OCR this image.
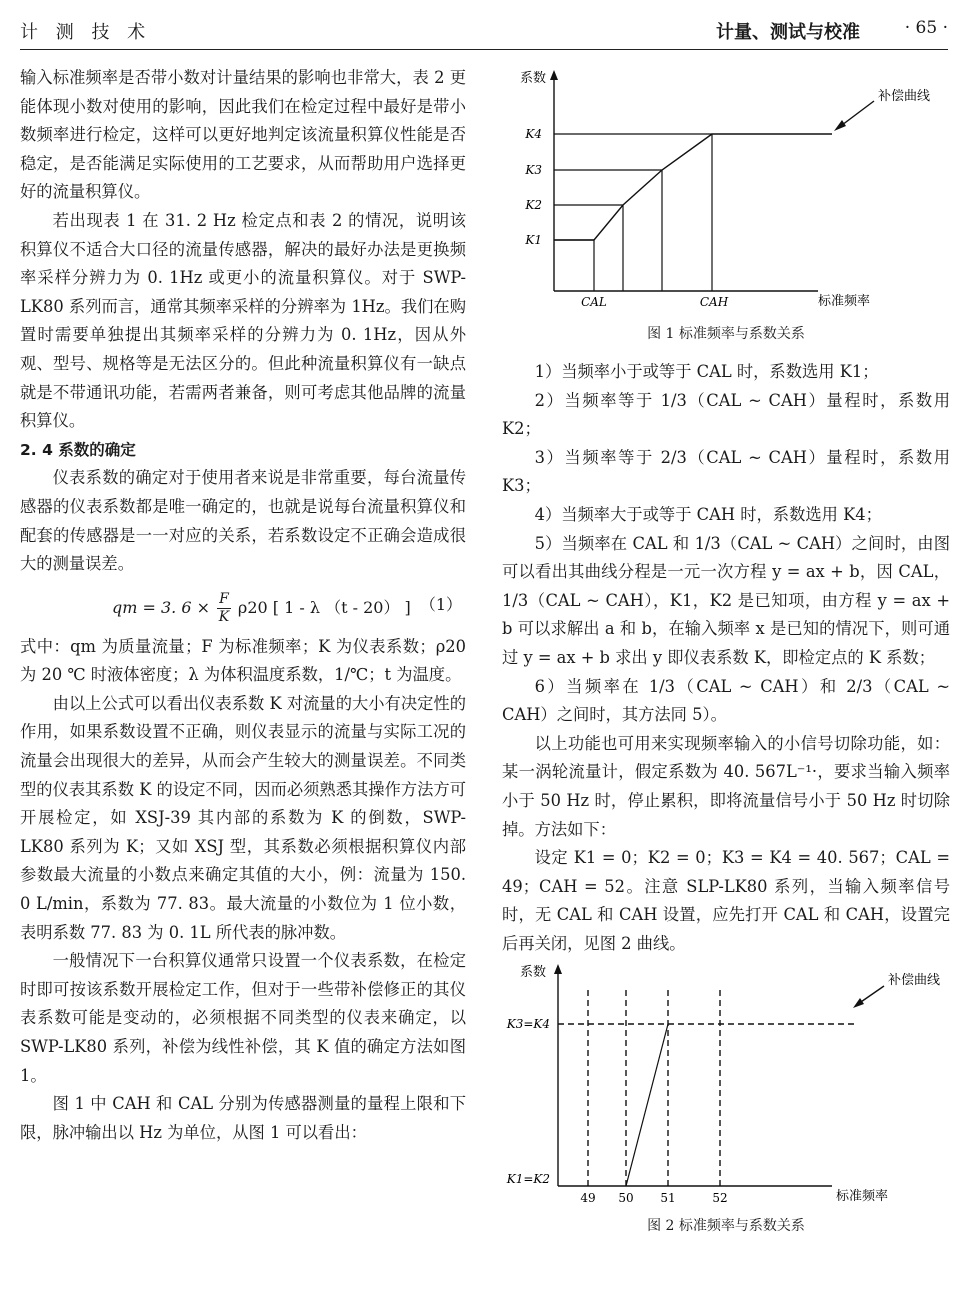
计 测 技 术	计量、测试与校准	· 65 ·

输入标准频率是否带小数对计量结果的影响也非常大，表 2 更能体现小数对使用的影响，因此我们在检定过程中最好是带小数频率进行检定，这样可以更好地判定该流量积算仪性能是否稳定，是否能满足实际使用的工艺要求，从而帮助用户选择更好的流量积算仪。

若出现表 1 在 31. 2 Hz 检定点和表 2 的情况，说明该积算仪不适合大口径的流量传感器，解决的最好办法是更换频率采样分辨力为 0. 1Hz 或更小的流量积算仪。对于 SWP-LK80 系列而言，通常其频率采样的分辨率为 1Hz。我们在购置时需要单独提出其频率采样的分辨力为 0. 1Hz，因从外观、型号、规格等是无法区分的。但此种流量积算仪有一缺点就是不带通讯功能，若需两者兼备，则可考虑其他品牌的流量积算仪。

2. 4 系数的确定

仪表系数的确定对于使用者来说是非常重要，每台流量传感器的仪表系数都是唯一确定的，也就是说每台流量积算仪和配套的传感器是一一对应的关系，若系数设定不正确会造成很大的测量误差。

qm = 3. $6 \times \frac{F}{K} \rho 20$ [ 1 - λ （t - 20） ] （1）

式中：qm 为质量流量；F 为标准频率；K 为仪表系数；ρ20 为 20 ℃ 时液体密度；λ 为体积温度系数，1/℃；t 为温度。

由以上公式可以看出仪表系数 K 对流量的大小有决定性的作用，如果系数设置不正确，则仪表显示的流量与实际工况的流量会出现很大的差异，从而会产生较大的测量误差。不同类型的仪表其系数 K 的设定不同，因而必须熟悉其操作方法方可开展检定，如 XSJ-39 其内部的系数为 K 的倒数，SWP-LK80 系列为 K；又如 XSJ 型，其系数必须根据积算仪内部参数最大流量的小数点来确定其值的大小，例：流量为 150. 0 L/min，系数为 77. 83。最大流量的小数位为 1 位小数，表明系数 77. 83 为 0. 1L 所代表的脉冲数。

一般情况下一台积算仪通常只设置一个仪表系数，在检定时即可按该系数开展检定工作，但对于一些带补偿修正的其仪表系数可能是变动的，必须根据不同类型的仪表来确定，以 SWP-LK80 系列，补偿为线性补偿，其 K 值的确定方法如图 1。

图 1 中 CAH 和 CAL 分别为传感器测量的量程上限和下限，脉冲输出以 Hz 为单位，从图 1 可以看出：

系数
标准频率
补偿曲线
K4
K3
K2
K1
CAL	CAH
图 1 标准频率与系数关系

1）当频率小于或等于 CAL 时，系数选用 K1；

2）当频率等于 1/3（CAL ~ CAH）量程时，系数用 K2；

3）当频率等于 2/3（CAL ~ CAH）量程时，系数用 K3；

4）当频率大于或等于 CAH 时，系数选用 K4；

5）当频率在 CAL 和 1/3（CAL ~ CAH）之间时，由图可以看出其曲线分程是一元一次方程 y = ax + b，因 CAL，1/3（CAL ~ CAH），K1，K2 是已知项，由方程 y = ax + b 可以求解出 a 和 b，在输入频率 x 是已知的情况下，则可通过 y = ax + b 求出 y 即仪表系数 K，即检定点的 K 系数；

6）当频率在 1/3（CAL ~ CAH）和 2/3（CAL ~ CAH）之间时，其方法同 5）。

以上功能也可用来实现频率输入的小信号切除功能，如：某一涡轮流量计，假定系数为 40. 567L⁻¹·，要求当输入频率小于 50 Hz 时，停止累积，即将流量信号小于 50 Hz 时切除掉。方法如下：

设定 K1 = 0；K2 = 0；K3 = K4 = 40. 567；CAL = 49；CAH = 52。注意 SLP-LK80 系列，当输入频率信号时，无 CAL 和 CAH 设置，应先打开 CAL 和 CAH，设置完后再关闭，见图 2 曲线。

系数
标准频率
补偿曲线
K3=K4
K1=K2
49 50 51	52
图 2 标准频率与系数关系
